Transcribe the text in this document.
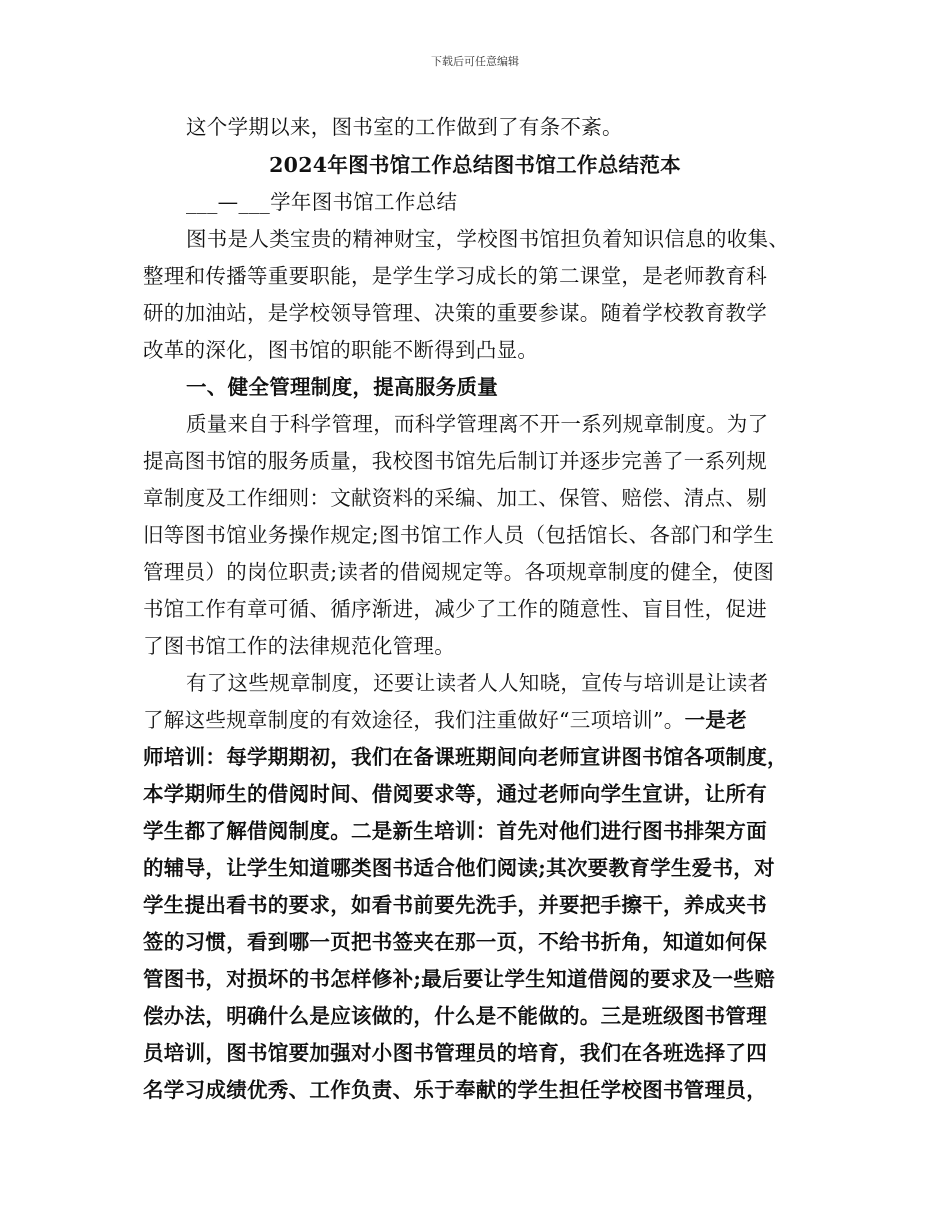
下载后可任意编辑
这个学期以来，图书室的工作做到了有条不紊。
2024年图书馆工作总结图书馆工作总结范本
___—___学年图书馆工作总结
图书是人类宝贵的精神财宝，学校图书馆担负着知识信息的收集、
整理和传播等重要职能，是学生学习成长的第二课堂，是老师教育科
研的加油站，是学校领导管理、决策的重要参谋。随着学校教育教学
改革的深化，图书馆的职能不断得到凸显。
一、健全管理制度，提高服务质量
质量来自于科学管理，而科学管理离不开一系列规章制度。为了
提高图书馆的服务质量，我校图书馆先后制订并逐步完善了一系列规
章制度及工作细则：文献资料的采编、加工、保管、赔偿、清点、剔
旧等图书馆业务操作规定;图书馆工作人员（包括馆长、各部门和学生
管理员）的岗位职责;读者的借阅规定等。各项规章制度的健全，使图
书馆工作有章可循、循序渐进，减少了工作的随意性、盲目性，促进
了图书馆工作的法律规范化管理。
有了这些规章制度，还要让读者人人知晓，宣传与培训是让读者
了解这些规章制度的有效途径，我们注重做好“三项培训”。一是老
师培训：每学期期初，我们在备课班期间向老师宣讲图书馆各项制度，
本学期师生的借阅时间、借阅要求等，通过老师向学生宣讲，让所有
学生都了解借阅制度。二是新生培训：首先对他们进行图书排架方面
的辅导，让学生知道哪类图书适合他们阅读;其次要教育学生爱书，对
学生提出看书的要求，如看书前要先洗手，并要把手擦干，养成夹书
签的习惯，看到哪一页把书签夹在那一页，不给书折角，知道如何保
管图书，对损坏的书怎样修补;最后要让学生知道借阅的要求及一些赔
偿办法，明确什么是应该做的，什么是不能做的。三是班级图书管理
员培训，图书馆要加强对小图书管理员的培育，我们在各班选择了四
名学习成绩优秀、工作负责、乐于奉献的学生担任学校图书管理员，
